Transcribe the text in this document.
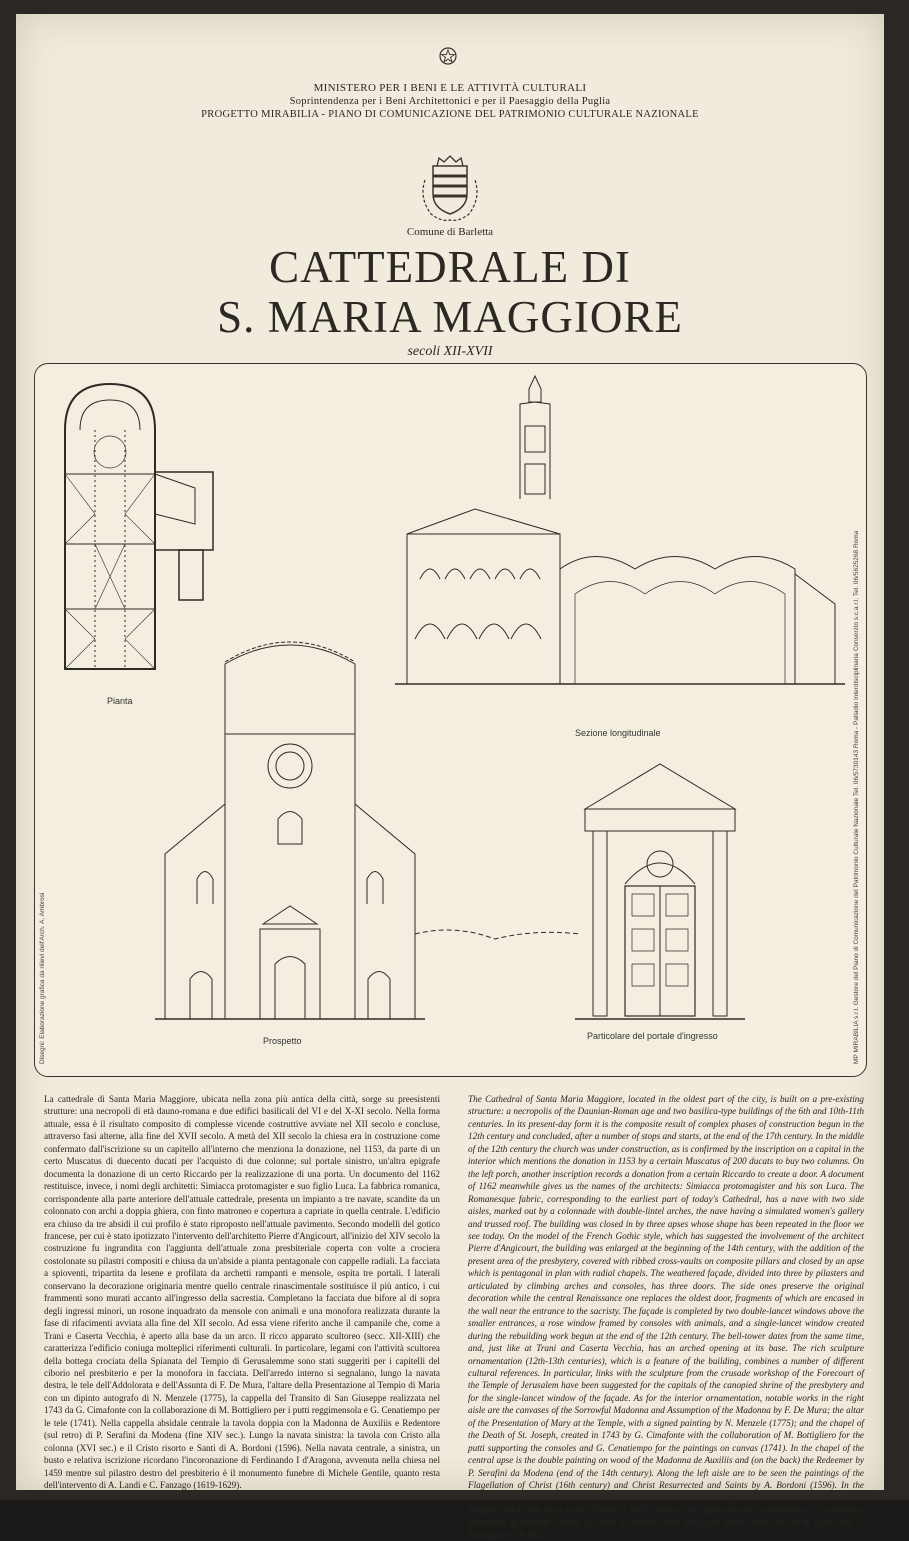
MINISTERO PER I BENI E LE ATTIVITÀ CULTURALI
Soprintendenza per i Beni Architettonici e per il Paesaggio della Puglia
PROGETTO MIRABILIA - PIANO DI COMUNICAZIONE DEL PATRIMONIO CULTURALE NAZIONALE
Comune di Barletta
CATTEDRALE DI
S. MARIA MAGGIORE
secoli XII-XVII
Pianta
Sezione longitudinale
Prospetto	Particolare del portale d'ingresso
Disegni: Elaborazione grafica da rilievi dell'Arch. A. Ambrosi	MP MIRABILIA s.r.l. Gestore del Piano di Comunicazione del Patrimonio Culturale Nazionale Tel. 06/5730143 Roma - Palladio Interdisciplinaria Consorzio s.c.a.r.l. Tel. 06/5625268 Roma
La cattedrale di Santa Maria Maggiore, ubicata nella zona più antica della città, sorge su preesistenti strutture: una necropoli di età dauno-romana e due edifici basilicali del VI e del X-XI secolo. Nella forma attuale, essa è il risultato composito di complesse vicende costruttive avviate nel XII secolo e concluse, attraverso fasi alterne, alla fine del XVII secolo. A metà del XII secolo la chiesa era in costruzione come confermato dall'iscrizione su un capitello all'interno che menziona la donazione, nel 1153, da parte di un certo Muscatus di duecento ducati per l'acquisto di due colonne; sul portale sinistro, un'altra epigrafe documenta la donazione di un certo Riccardo per la realizzazione di una porta. Un documento del 1162 restituisce, invece, i nomi degli architetti: Simiacca protomagister e suo figlio Luca. La fabbrica romanica, corrispondente alla parte anteriore dell'attuale cattedrale, presenta un impianto a tre navate, scandite da un colonnato con archi a doppia ghiera, con finto matroneo e copertura a capriate in quella centrale. L'edificio era chiuso da tre absidi il cui profilo è stato riproposto nell'attuale pavimento. Secondo modelli del gotico francese, per cui è stato ipotizzato l'intervento dell'architetto Pierre d'Angicourt, all'inizio del XIV secolo la costruzione fu ingrandita con l'aggiunta dell'attuale zona presbiteriale coperta con volte a crociera costolonate su pilastri compositi e chiusa da un'abside a pianta pentagonale con cappelle radiali. La facciata a spioventi, tripartita da lesene e profilata da archetti rampanti e mensole, ospita tre portali. I laterali conservano la decorazione originaria mentre quello centrale rinascimentale sostituisce il più antico, i cui frammenti sono murati accanto all'ingresso della sacrestia. Completano la facciata due bifore al di sopra degli ingressi minori, un rosone inquadrato da mensole con animali e una monofora realizzata durante la fase di rifacimenti avviata alla fine del XII secolo. Ad essa viene riferito anche il campanile che, come a Trani e Caserta Vecchia, è aperto alla base da un arco. Il ricco apparato scultoreo (secc. XII-XIII) che caratterizza l'edificio coniuga molteplici riferimenti culturali. In particolare, legami con l'attività scultorea della bottega crociata della Spianata del Tempio di Gerusalemme sono stati suggeriti per i capitelli del ciborio nel presbiterio e per la monofora in facciata. Dell'arredo interno si segnalano, lungo la navata destra, le tele dell'Addolorata e dell'Assunta di F. De Mura, l'altare della Presentazione al Tempio di Maria con un dipinto autografo di N. Menzele (1775), la cappella del Transito di San Giuseppe realizzata nel 1743 da G. Cimafonte con la collaborazione di M. Bottigliero per i putti reggimensola e G. Cenatiempo per le tele (1741). Nella cappella absidale centrale la tavola doppia con la Madonna de Auxiliis e Redentore (sul retro) di P. Serafini da Modena (fine XIV sec.). Lungo la navata sinistra: la tavola con Cristo alla colonna (XVI sec.) e il Cristo risorto e Santi di A. Bordoni (1596). Nella navata centrale, a sinistra, un busto e relativa iscrizione ricordano l'incoronazione di Ferdinando I d'Aragona, avvenuta nella chiesa nel 1459 mentre sul pilastro destro del presbiterio è il monumento funebre di Michele Gentile, quanto resta dell'intervento di A. Landi e C. Fanzago (1619-1629).
The Cathedral of Santa Maria Maggiore, located in the oldest part of the city, is built on a pre-existing structure: a necropolis of the Daunian-Roman age and two basilica-type buildings of the 6th and 10th-11th centuries. In its present-day form it is the composite result of complex phases of construction begun in the 12th century and concluded, after a number of stops and starts, at the end of the 17th century. In the middle of the 12th century the church was under construction, as is confirmed by the inscription on a capital in the interior which mentions the donation in 1153 by a certain Muscatus of 200 ducats to buy two columns. On the left porch, another inscription records a donation from a certain Riccardo to create a door. A document of 1162 meanwhile gives us the names of the architects: Simiacca protomagister and his son Luca. The Romanesque fabric, corresponding to the earliest part of today's Cathedral, has a nave with two side aisles, marked out by a colonnade with double-lintel arches, the nave having a simulated women's gallery and trussed roof. The building was closed in by three apses whose shape has been repeated in the floor we see today. On the model of the French Gothic style, which has suggested the involvement of the architect Pierre d'Angicourt, the building was enlarged at the beginning of the 14th century, with the addition of the present area of the presbytery, covered with ribbed cross-vaults on composite pillars and closed by an apse which is pentagonal in plan with radial chapels. The weathered façade, divided into three by pilasters and articulated by climbing arches and consoles, has three doors. The side ones preserve the original decoration while the central Renaissance one replaces the oldest door, fragments of which are encased in the wall near the entrance to the sacristy. The façade is completed by two double-lancet windows above the smaller entrances, a rose window framed by consoles with animals, and a single-lancet window created during the rebuilding work begun at the end of the 12th century. The bell-tower dates from the same time, and, just like at Trani and Caserta Vecchia, has an arched opening at its base. The rich sculpture ornamentation (12th-13th centuries), which is a feature of the building, combines a number of different cultural references. In particular, links with the sculpture from the crusade workshop of the Forecourt of the Temple of Jerusalem have been suggested for the capitals of the canopied shrine of the presbytery and for the single-lancet window of the façade. As for the interior ornamentation, notable works in the right aisle are the canvases of the Sorrowful Madonna and Assumption of the Madonna by F. De Mura; the altar of the Presentation of Mary at the Temple, with a signed painting by N. Menzele (1775); and the chapel of the Death of St. Joseph, created in 1743 by G. Cimafonte with the collaboration of M. Bottigliero for the putti supporting the consoles and G. Cenatiempo for the paintings on canvas (1741). In the chapel of the central apse is the double painting on wood of the Madonna de Auxiliis and (on the back) the Redeemer by P. Serafini da Modena (end of the 14th century). Along the left aisle are to be seen the paintings of the Flagellation of Christ (16th century) and Christ Resurrected and Saints by A. Bordoni (1596). In the central nave, to the left, is a bust with an inscription, commemorating the coronation of Ferdinand I of Aragon, which took place in the Church in 1459; while on the right pillar of the presbytery is the funerary monument of Michele Gentile, as much as remains from the repair work carried out by A. Landi and C. Fanzago (1619-1629).
